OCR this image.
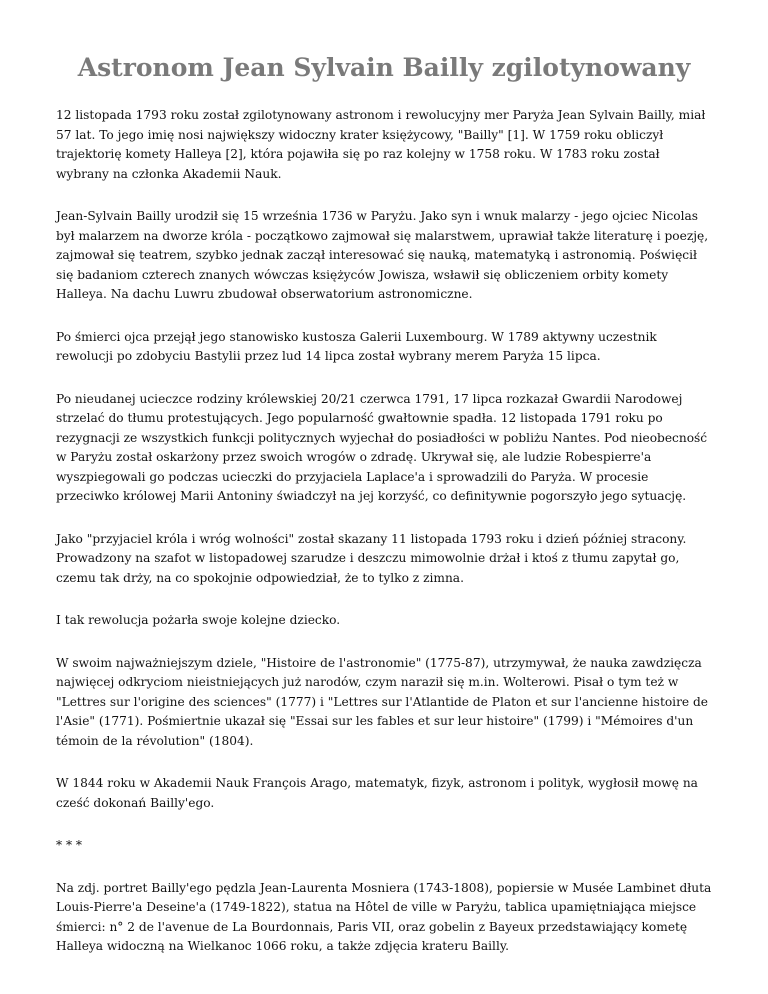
Astronom Jean Sylvain Bailly zgilotynowany

12 listopada 1793 roku został zgilotynowany astronom i rewolucyjny mer Paryża Jean Sylvain Bailly, miał 57 lat. To jego imię nosi największy widoczny krater księżycowy, "Bailly" [1]. W 1759 roku obliczył trajektorię komety Halleya [2], która pojawiła się po raz kolejny w 1758 roku. W 1783 roku został wybrany na członka Akademii Nauk.

Jean-Sylvain Bailly urodził się 15 września 1736 w Paryżu. Jako syn i wnuk malarzy - jego ojciec Nicolas był malarzem na dworze króla - początkowo zajmował się malarstwem, uprawiał także literaturę i poezję, zajmował się teatrem, szybko jednak zaczął interesować się nauką, matematyką i astronomią. Poświęcił się badaniom czterech znanych wówczas księżyców Jowisza, wsławił się obliczeniem orbity komety Halleya. Na dachu Luwru zbudował obserwatorium astronomiczne.

Po śmierci ojca przejął jego stanowisko kustosza Galerii Luxembourg. W 1789 aktywny uczestnik rewolucji po zdobyciu Bastylii przez lud 14 lipca został wybrany merem Paryża 15 lipca.

Po nieudanej ucieczce rodziny królewskiej 20/21 czerwca 1791, 17 lipca rozkazał Gwardii Narodowej strzelać do tłumu protestujących. Jego popularność gwałtownie spadła. 12 listopada 1791 roku po rezygnacji ze wszystkich funkcji politycznych wyjechał do posiadłości w pobliżu Nantes. Pod nieobecność w Paryżu został oskarżony przez swoich wrogów o zdradę. Ukrywał się, ale ludzie Robespierre'a wyszpiegowali go podczas ucieczki do przyjaciela Laplace'a i sprowadzili do Paryża. W procesie przeciwko królowej Marii Antoniny świadczył na jej korzyść, co definitywnie pogorszyło jego sytuację.

Jako "przyjaciel króla i wróg wolności" został skazany 11 listopada 1793 roku i dzień później stracony. Prowadzony na szafot w listopadowej szarudze i deszczu mimowolnie drżał i ktoś z tłumu zapytał go, czemu tak drży, na co spokojnie odpowiedział, że to tylko z zimna.

I tak rewolucja pożarła swoje kolejne dziecko.

W swoim najważniejszym dziele, "Histoire de l'astronomie" (1775-87), utrzymywał, że nauka zawdzięcza najwięcej odkryciom nieistniejących już narodów, czym naraził się m.in. Wolterowi. Pisał o tym też w "Lettres sur l'origine des sciences" (1777) i "Lettres sur l'Atlantide de Platon et sur l'ancienne histoire de l'Asie" (1771). Pośmiertnie ukazał się "Essai sur les fables et sur leur histoire" (1799) i "Mémoires d'un témoin de la révolution" (1804).

W 1844 roku w Akademii Nauk François Arago, matematyk, fizyk, astronom i polityk, wygłosił mowę na cześć dokonań Bailly'ego.

* * *

Na zdj. portret Bailly'ego pędzla Jean-Laurenta Mosniera (1743-1808), popiersie w Musée Lambinet dłuta Louis-Pierre'a Deseine'a (1749-1822), statua na Hôtel de ville w Paryżu, tablica upamiętniająca miejsce śmierci: n° 2 de l'avenue de La Bourdonnais, Paris VII, oraz gobelin z Bayeux przedstawiający kometę Halleya widoczną na Wielkanoc 1066 roku, a także zdjęcia krateru Bailly.
